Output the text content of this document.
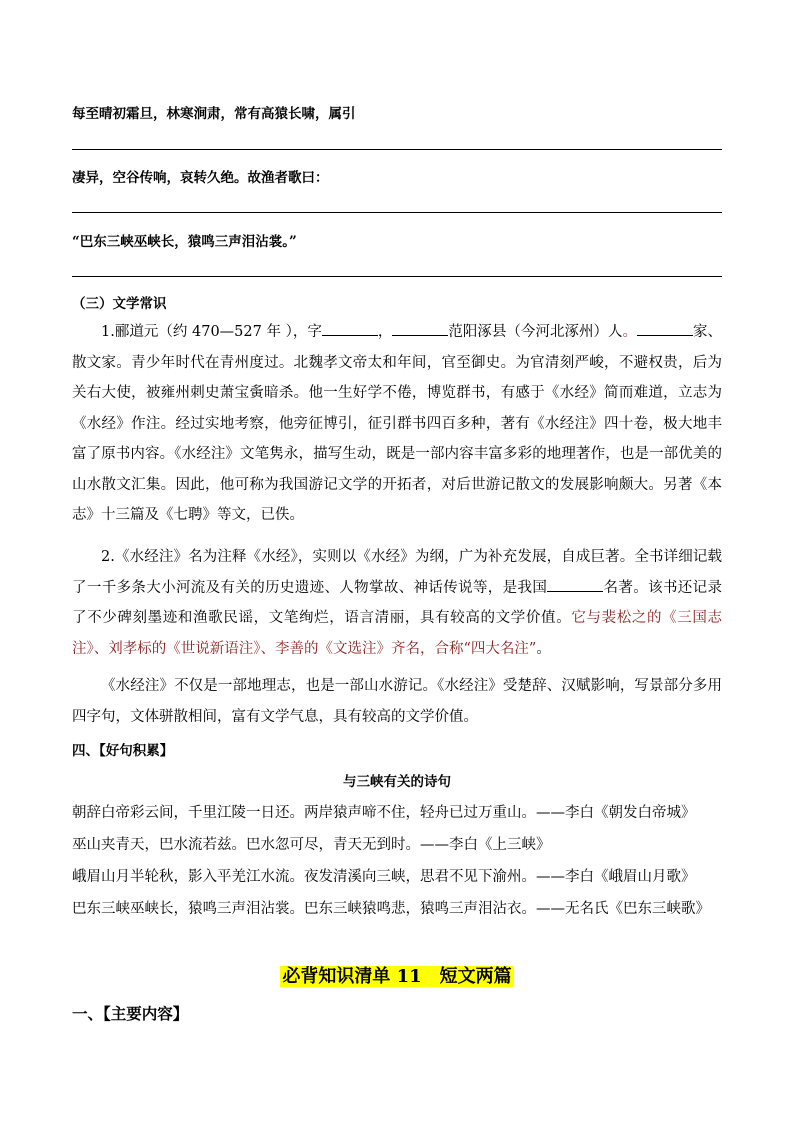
每至晴初霜旦，林寒涧肃，常有高猿长啸，属引
凄异，空谷传响，哀转久绝。故渔者歌曰：
“巴东三峡巫峡长，猿鸣三声泪沾裳。”
（三）文学常识
1.郦道元（约 470—527 年 ），字	，	范阳涿县（今河北涿州）人。	家、散文家。青少年时代在青州度过。北魏孝文帝太和年间，官至御史。为官清刻严峻，不避权贵，后为关右大使，被雍州刺史萧宝夤暗杀。他一生好学不倦，博览群书，有感于《水经》简而难道，立志为《水经》作注。经过实地考察，他旁征博引，征引群书四百多种，著有《水经注》四十卷，极大地丰富了原书内容。《水经注》文笔隽永，描写生动，既是一部内容丰富多彩的地理著作，也是一部优美的山水散文汇集。因此，他可称为我国游记文学的开拓者，对后世游记散文的发展影响颇大。另著《本志》十三篇及《七聘》等文，已佚。
2.《水经注》名为注释《水经》，实则以《水经》为纲，广为补充发展，自成巨著。全书详细记载了一千多条大小河流及有关的历史遗迹、人物掌故、神话传说等，是我国	名著。该书还记录了不少碑刻墨迹和渔歌民谣，文笔绚烂，语言清丽，具有较高的文学价值。它与裴松之的《三国志注》、刘孝标的《世说新语注》、李善的《文选注》齐名，合称“四大名注”。
《水经注》不仅是一部地理志，也是一部山水游记。《水经注》受楚辞、汉赋影响，写景部分多用四字句，文体骈散相间，富有文学气息，具有较高的文学价值。
四、【好句积累】
与三峡有关的诗句
朝辞白帝彩云间，千里江陵一日还。两岸猿声啼不住，轻舟已过万重山。——李白《朝发白帝城》
巫山夹青天，巴水流若兹。巴水忽可尽，青天无到时。——李白《上三峡》
峨眉山月半轮秋，影入平羌江水流。夜发清溪向三峡，思君不见下渝州。——李白《峨眉山月歌》
巴东三峡巫峡长，猿鸣三声泪沾裳。巴东三峡猿鸣悲，猿鸣三声泪沾衣。——无名氏《巴东三峡歌》
必背知识清单 11　短文两篇
一、【主要内容】
